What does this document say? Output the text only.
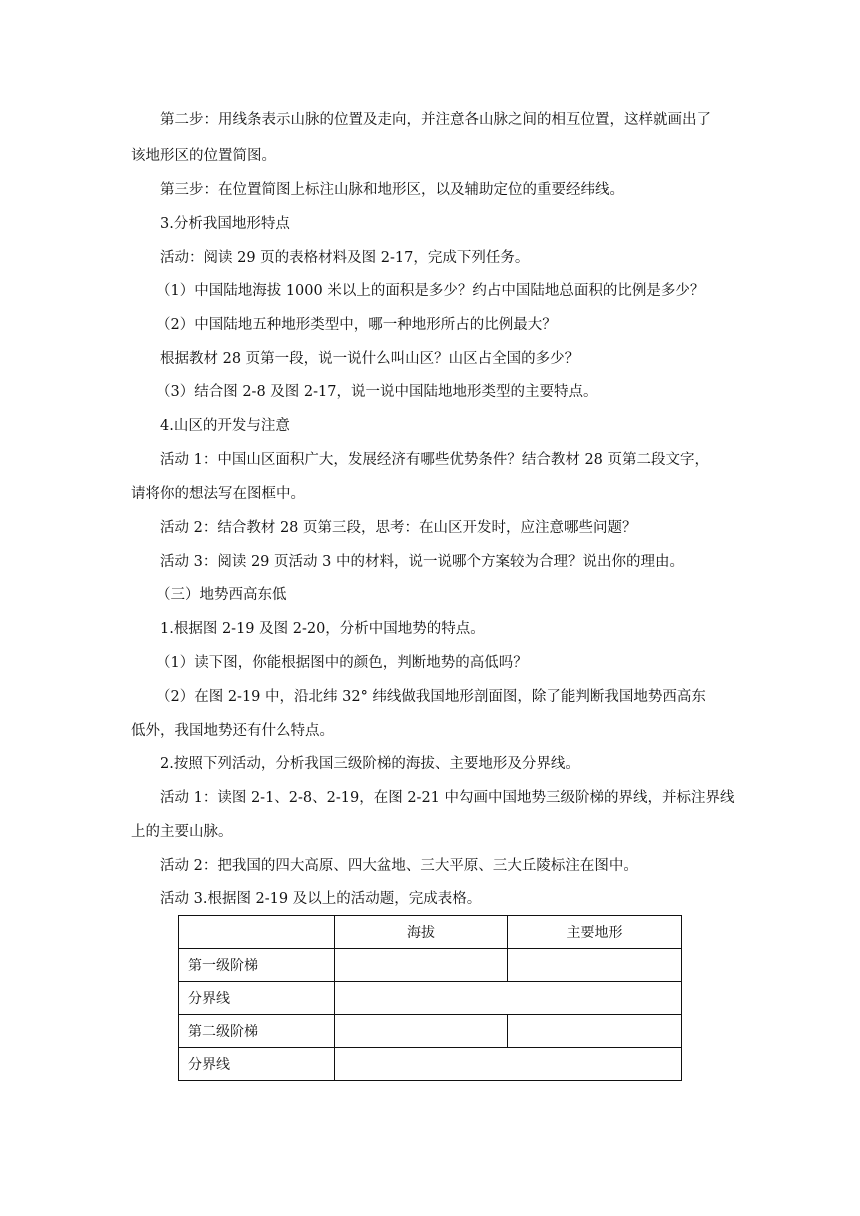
第二步：用线条表示山脉的位置及走向，并注意各山脉之间的相互位置，这样就画出了
该地形区的位置简图。
第三步：在位置简图上标注山脉和地形区，以及辅助定位的重要经纬线。
3.分析我国地形特点
活动：阅读 29 页的表格材料及图 2-17，完成下列任务。
（1）中国陆地海拔 1000 米以上的面积是多少？约占中国陆地总面积的比例是多少？
（2）中国陆地五种地形类型中，哪一种地形所占的比例最大？
根据教材 28 页第一段，说一说什么叫山区？山区占全国的多少？
（3）结合图 2-8 及图 2-17，说一说中国陆地地形类型的主要特点。
4.山区的开发与注意
活动 1：中国山区面积广大，发展经济有哪些优势条件？结合教材 28 页第二段文字，
请将你的想法写在图框中。
活动 2：结合教材 28 页第三段，思考：在山区开发时，应注意哪些问题？
活动 3：阅读 29 页活动 3 中的材料，说一说哪个方案较为合理？说出你的理由。
（三）地势西高东低
1.根据图 2-19 及图 2-20，分析中国地势的特点。
（1）读下图，你能根据图中的颜色，判断地势的高低吗？
（2）在图 2-19 中，沿北纬 32° 纬线做我国地形剖面图，除了能判断我国地势西高东
低外，我国地势还有什么特点。
2.按照下列活动，分析我国三级阶梯的海拔、主要地形及分界线。
活动 1：读图 2-1、2-8、2-19，在图 2-21 中勾画中国地势三级阶梯的界线，并标注界线
上的主要山脉。
活动 2：把我国的四大高原、四大盆地、三大平原、三大丘陵标注在图中。
活动 3.根据图 2-19 及以上的活动题，完成表格。
	海拔	主要地形
第一级阶梯		
分界线		
第二级阶梯		
分界线		
